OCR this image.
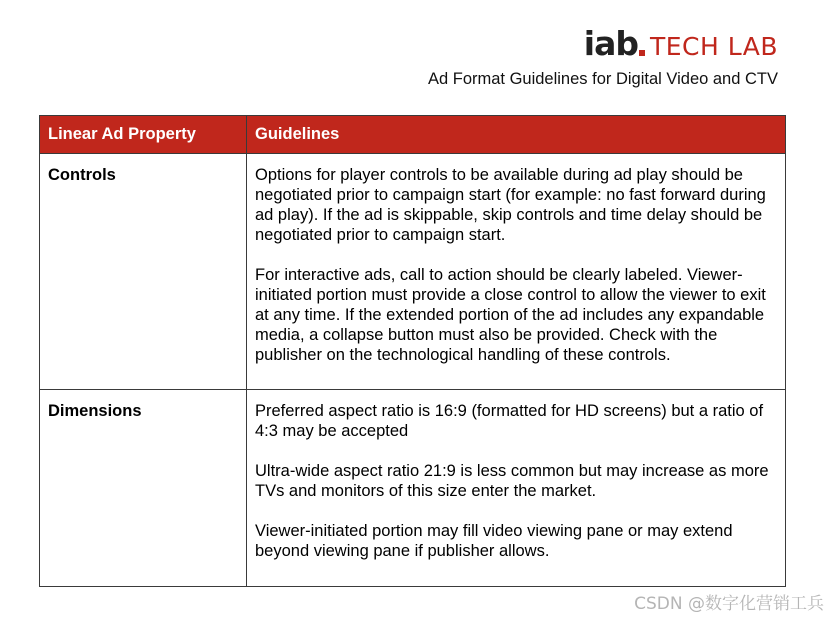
iab TECH LAB
Ad Format Guidelines for Digital Video and CTV
Linear Ad Property	Guidelines
Controls	Options for player controls to be available during ad play should be negotiated prior to campaign start (for example: no fast forward during ad play). If the ad is skippable, skip controls and time delay should be negotiated prior to campaign start.

For interactive ads, call to action should be clearly labeled. Viewer-initiated portion must provide a close control to allow the viewer to exit at any time. If the extended portion of the ad includes any expandable media, a collapse button must also be provided. Check with the publisher on the technological handling of these controls.

Dimensions	Preferred aspect ratio is 16:9 (formatted for HD screens) but a ratio of 4:3 may be accepted

Ultra-wide aspect ratio 21:9 is less common but may increase as more TVs and monitors of this size enter the market.

Viewer-initiated portion may fill video viewing pane or may extend beyond viewing pane if publisher allows.

CSDN @数字化营销工兵
